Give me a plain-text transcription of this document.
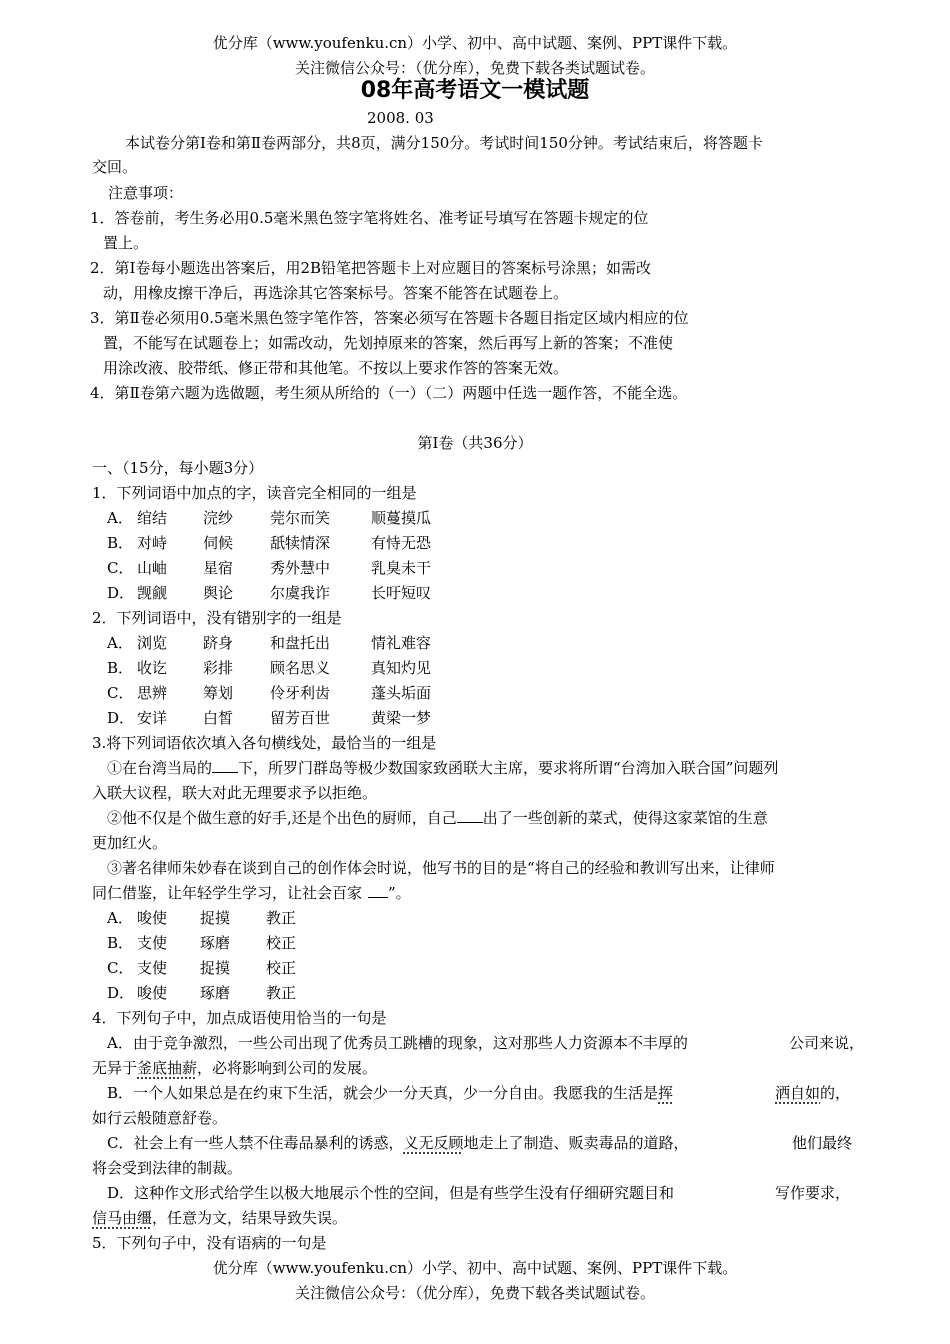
优分库（www.youfenku.cn）小学、初中、高中试题、案例、PPT课件下载。
关注微信公众号：（优分库），免费下载各类试题试卷。
08年高考语文一模试题
2008. 03
本试卷分第Ⅰ卷和第Ⅱ卷两部分，共8页，满分150分。考试时间150分钟。考试结束后，将答题卡
交回。
注意事项：
1．答卷前，考生务必用0.5毫米黑色签字笔将姓名、准考证号填写在答题卡规定的位
置上。
2．第Ⅰ卷每小题选出答案后，用2B铅笔把答题卡上对应题目的答案标号涂黑；如需改
动，用橡皮擦干净后，再选涂其它答案标号。答案不能答在试题卷上。
3．第Ⅱ卷必须用0.5毫米黑色签字笔作答，答案必须写在答题卡各题目指定区域内相应的位
置，不能写在试题卷上；如需改动，先划掉原来的答案，然后再写上新的答案；不准使
用涂改液、胶带纸、修正带和其他笔。不按以上要求作答的答案无效。
4．第Ⅱ卷第六题为选做题，考生须从所给的（一）（二）两题中任选一题作答，不能全选。
第Ⅰ卷（共36分）
一、（15分，每小题3分）
1．下列词语中加点的字，读音完全相同的一组是
A． 绾结 浣纱 莞尔而笑	顺蔓摸瓜
B． 对峙 伺候 舐犊情深	有恃无恐
C． 山岫 星宿 秀外慧中	乳臭未干
D． 觊觎 舆论 尔虞我诈	长吁短叹
2．下列词语中，没有错别字的一组是
A． 浏览 跻身 和盘托出	情礼难容
B． 收讫 彩排 顾名思义	真知灼见
C． 思辨 筹划 伶牙利齿	蓬头垢面
D． 安详 白皙 留芳百世	黄梁一梦
3.将下列词语依次填入各句横线处，最恰当的一组是
①在台湾当局的 下，所罗门群岛等极少数国家致函联大主席，要求将所谓“台湾加入联合国”问题列
入联大议程，联大对此无理要求予以拒绝。
②他不仅是个做生意的好手,还是个出色的厨师，自己 出了一些创新的菜式，使得这家菜馆的生意
更加红火。
③著名律师朱妙春在谈到自己的创作体会时说，他写书的目的是“将自己的经验和教训写出来，让律师
同仁借鉴，让年轻学生学习，让社会百家 ”。
A． 唆使 捉摸 教正
B． 支使 琢磨 校正
C． 支使 捉摸 校正
D． 唆使 琢磨 教正
4．下列句子中，加点成语使用恰当的一句是
A．由于竞争激烈，一些公司出现了优秀员工跳槽的现象，这对那些人力资源本不丰厚的	公司来说，
无异于釜底抽薪，必将影响到公司的发展。
B．一个人如果总是在约束下生活，就会少一分天真，少一分自由。我愿我的生活是挥	洒自如的，
如行云般随意舒卷。
C．社会上有一些人禁不住毒品暴利的诱惑，义无反顾地走上了制造、贩卖毒品的道路，	他们最终
将会受到法律的制裁。
D．这种作文形式给学生以极大地展示个性的空间，但是有些学生没有仔细研究题目和	写作要求，
信马由缰，任意为文，结果导致失误。
5．下列句子中，没有语病的一句是
优分库（www.youfenku.cn）小学、初中、高中试题、案例、PPT课件下载。
关注微信公众号：（优分库），免费下载各类试题试卷。
